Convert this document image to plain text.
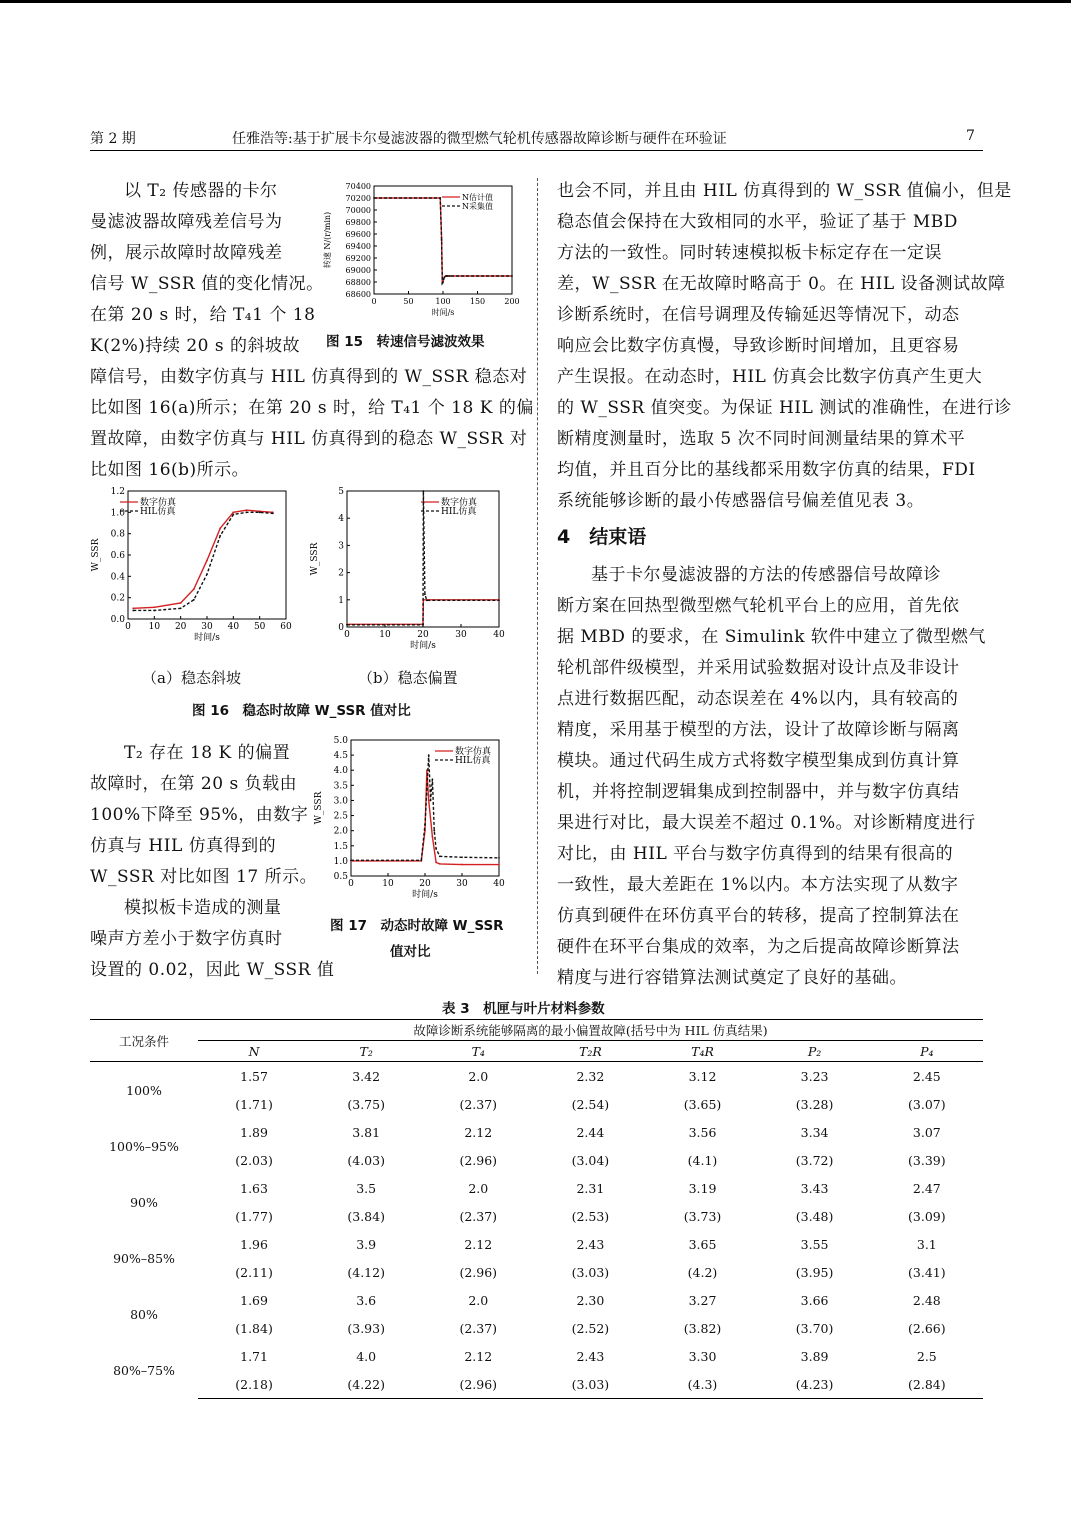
第 2 期	任雅浩等:基于扩展卡尔曼滤波器的微型燃气轮机传感器故障诊断与硬件在环验证	7
以 T₂ 传感器的卡尔
曼滤波器故障残差信号为
例，展示故障时故障残差
信号 W_SSR 值的变化情况。
在第 20 s 时，给 T₄1 个 18
K(2%)持续 20 s 的斜坡故
障信号，由数字仿真与 HIL 仿真得到的 W_SSR 稳态对
比如图 16(a)所示；在第 20 s 时，给 T₄1 个 18 K 的偏
置故障，由数字仿真与 HIL 仿真得到的稳态 W_SSR 对
比如图 16(b)所示。
0	50	100 150 200
68600
68800
69000
69200
69400
69600
69800
70000
70200
70400
时间/s
转速 N/(r/min)
N估计值
N采集值
图 15　转速信号滤波效果
0 10 20 30 40 50 60
0.0
0.2
0.4
0.6
0.8
1.0
1.2
时间/s
W_SSR
数字仿真
HIL仿真
0	10	20	30	40
0
1
2
3
4
5
时间/s
W_SSR
数字仿真
HIL仿真
（a）稳态斜坡	（b）稳态偏置
图 16　稳态时故障 W_SSR 值对比
T₂ 存在 18 K 的偏置
故障时，在第 20 s 负载由
100%下降至 95%，由数字
仿真与 HIL 仿真得到的
W_SSR 对比如图 17 所示。
模拟板卡造成的测量
噪声方差小于数字仿真时
设置的 0.02，因此 W_SSR 值
0	10	20	30	40
0.5
1.0
1.5
2.0
2.5
3.0
3.5
4.0
4.5
5.0
时间/s
W_SSR
数字仿真
HIL仿真
图 17　动态时故障 W_SSR
值对比
也会不同，并且由 HIL 仿真得到的 W_SSR 值偏小，但是
稳态值会保持在大致相同的水平，验证了基于 MBD
方法的一致性。同时转速模拟板卡标定存在一定误
差，W_SSR 在无故障时略高于 0。在 HIL 设备测试故障
诊断系统时，在信号调理及传输延迟等情况下，动态
响应会比数字仿真慢，导致诊断时间增加，且更容易
产生误报。在动态时，HIL 仿真会比数字仿真产生更大
的 W_SSR 值突变。为保证 HIL 测试的准确性，在进行诊
断精度测量时，选取 5 次不同时间测量结果的算术平
均值，并且百分比的基线都采用数字仿真的结果，FDI
系统能够诊断的最小传感器信号偏差值见表 3。
4　结束语
基于卡尔曼滤波器的方法的传感器信号故障诊
断方案在回热型微型燃气轮机平台上的应用，首先依
据 MBD 的要求，在 Simulink 软件中建立了微型燃气
轮机部件级模型，并采用试验数据对设计点及非设计
点进行数据匹配，动态误差在 4%以内，具有较高的
精度，采用基于模型的方法，设计了故障诊断与隔离
模块。通过代码生成方式将数字模型集成到仿真计算
机，并将控制逻辑集成到控制器中，并与数字仿真结
果进行对比，最大误差不超过 0.1%。对诊断精度进行
对比，由 HIL 平台与数字仿真得到的结果有很高的
一致性，最大差距在 1%以内。本方法实现了从数字
仿真到硬件在环仿真平台的转移，提高了控制算法在
硬件在环平台集成的效率，为之后提高故障诊断算法
精度与进行容错算法测试奠定了良好的基础。
表 3　机匣与叶片材料参数
工况条件	故障诊断系统能够隔离的最小偏置故障(括号中为 HIL 仿真结果)						
	N	T₂	T₄	T₂R	T₄R	P₂	P₄
100%	1.57	3.42	2.0	2.32	3.12	3.23	2.45
	(1.71)	(3.75)	(2.37)	(2.54)	(3.65)	(3.28)	(3.07)
100%–95%	1.89	3.81	2.12	2.44	3.56	3.34	3.07
	(2.03)	(4.03)	(2.96)	(3.04)	(4.1)	(3.72)	(3.39)
90%	1.63	3.5	2.0	2.31	3.19	3.43	2.47
	(1.77)	(3.84)	(2.37)	(2.53)	(3.73)	(3.48)	(3.09)
90%–85%	1.96	3.9	2.12	2.43	3.65	3.55	3.1
	(2.11)	(4.12)	(2.96)	(3.03)	(4.2)	(3.95)	(3.41)
80%	1.69	3.6	2.0	2.30	3.27	3.66	2.48
	(1.84)	(3.93)	(2.37)	(2.52)	(3.82)	(3.70)	(2.66)
80%–75%	1.71	4.0	2.12	2.43	3.30	3.89	2.5
	(2.18)	(4.22)	(2.96)	(3.03)	(4.3)	(4.23)	(2.84)
